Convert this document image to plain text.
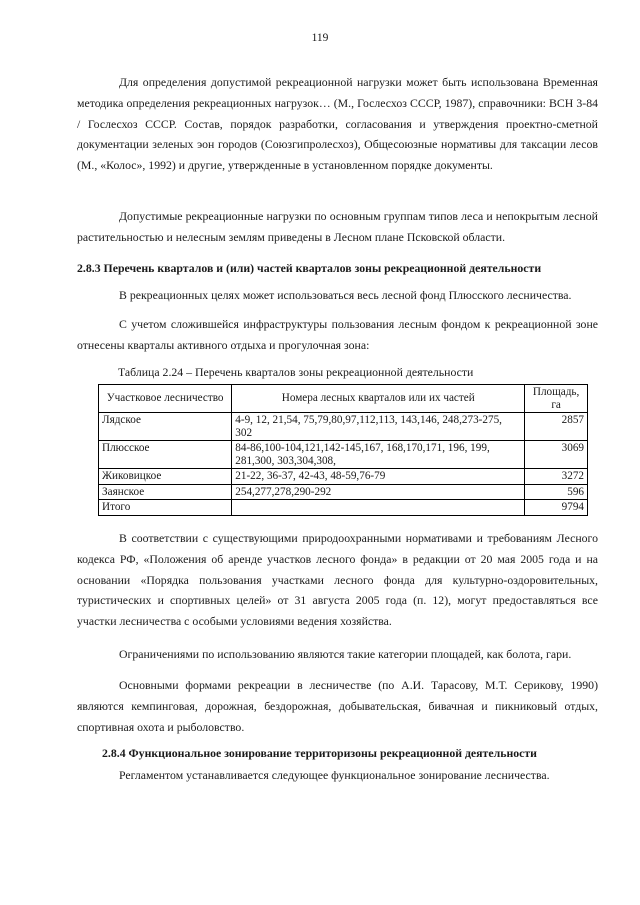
119

Для определения допустимой рекреационной нагрузки может быть использована Временная методика определения рекреационных нагрузок… (М., Гослесхоз СССР, 1987), справочники: ВСН 3-84 / Гослесхоз СССР. Состав, порядок разработки, согласования и утверждения проектно-сметной документации зеленых эон городов (Союзгипролесхоз), Общесоюзные нормативы для таксации лесов (М., «Колос», 1992) и другие, утвержденные в установленном порядке документы.

Допустимые рекреационные нагрузки по основным группам типов леса и непокрытым лесной растительностью и нелесным землям приведены в Лесном плане Псковской области.

2.8.3 Перечень кварталов и (или) частей кварталов зоны рекреационной деятельности

В рекреационных целях может использоваться весь лесной фонд Плюсского лесничества.

С учетом сложившейся инфраструктуры пользования лесным фондом к рекреационной зоне отнесены кварталы активного отдыха и прогулочная зона:

Таблица 2.24 – Перечень кварталов зоны рекреационной деятельности

Участковое лесничество	Номера лесных кварталов или их частей	Площадь, га
Лядское	4-9, 12, 21,54, 75,79,80,97,112,113, 143,146, 248,273-275, 302	2857
Плюсское	84-86,100-104,121,142-145,167, 168,170,171, 196, 199, 281,300, 303,304,308,	3069
Жиковицкое	21-22, 36-37, 42-43, 48-59,76-79	3272
Заянское	254,277,278,290-292	596
Итого		9794

В соответствии с существующими природоохранными нормативами и требованиям Лесного кодекса РФ, «Положения об аренде участков лесного фонда» в редакции от 20 мая 2005 года и на основании «Порядка пользования участками лесного фонда для культурно-оздоровительных, туристических и спортивных целей» от 31 августа 2005 года (п. 12), могут предоставляться все участки лесничества с особыми условиями ведения хозяйства.

Ограничениями по использованию являются такие категории площадей, как болота, гари.

Основными формами рекреации в лесничестве (по А.И. Тарасову, М.Т. Серикову, 1990) являются кемпинговая, дорожная, бездорожная, добывательская, бивачная и пикниковый отдых, спортивная охота и рыболовство.

2.8.4 Функциональное зонирование территоризоны рекреационной деятельности

Регламентом устанавливается следующее функциональное зонирование лесничества.
